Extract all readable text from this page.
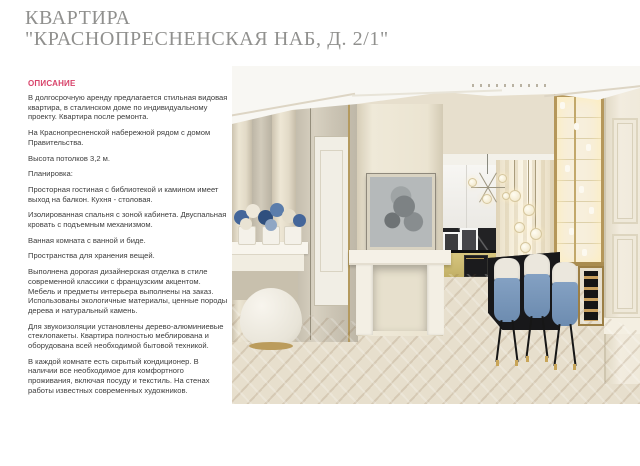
КВАРТИРА
"КРАСНОПРЕСНЕНСКАЯ НАБ, Д. 2/1"
ОПИСАНИЕ

В долгосрочную аренду предлагается стильная видовая квартира, в сталинском доме по индивидуальному проекту. Квартира после ремонта.

На Краснопресненской набережной рядом с домом Правительства.

Высота потолков 3,2 м.

Планировка:

Просторная гостиная с библиотекой и камином имеет выход на балкон. Кухня - столовая.

Изолированная спальня с зоной кабинета. Двуспальная кровать с подъемным механизмом.

Ванная комната с ванной и биде.

Пространства для хранения вещей.

Выполнена дорогая дизайнерская отделка в стиле современной классики с французским акцентом. Мебель и предметы интерьера выполнены на заказ. Использованы экологичные материалы, ценные породы дерева и натуральный камень.

Для звукоизоляции установлены дерево-алюминиевые стеклопакеты. Квартира полностью меблирована и оборудована всей необходимой бытовой техникой.

В каждой комнате есть скрытый кондиционер. В наличии все необходимое для комфортного проживания, включая посуду и текстиль. На стенах работы известных современных художников.
